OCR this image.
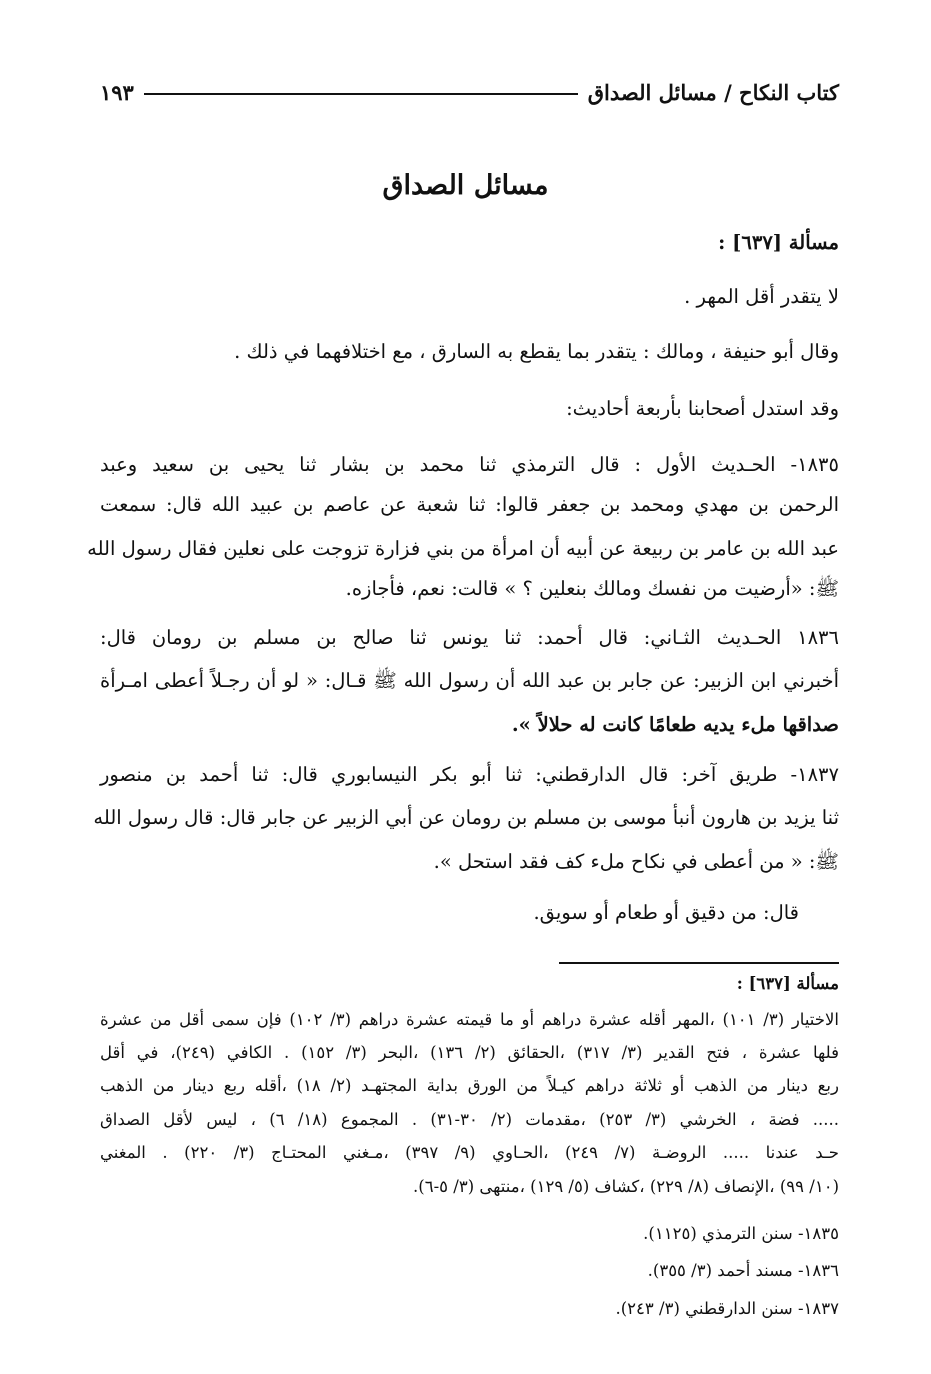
كتاب النكاح / مسائل الصداق
١٩٣
مسائل الصداق
مسألة [٦٣٧] :
لا يتقدر أقل المهر .
وقال أبو حنيفة ، ومالك : يتقدر بما يقطع به السارق ، مع اختلافهما في ذلك .
وقد استدل أصحابنا بأربعة أحاديث:
١٨٣٥- الحـديث الأول : قال الترمذي ثنا محمد بن بشار ثنا يحيى بن سعيد وعبد
الرحمن بن مهدي ومحمد بن جعفر قالوا: ثنا شعبة عن عاصم بن عبيد الله قال: سمعت
عبد الله بن عامر بن ربيعة عن أبيه أن امرأة من بني فزارة تزوجت على نعلين فقال رسول الله
ﷺ: «أرضيت من نفسك ومالك بنعلين ؟ » قالت: نعم، فأجازه.
١٨٣٦ الحـديث الثـاني: قال أحمد: ثنا يونس ثنا صالح بن مسلم بن رومان قال:
أخبرني ابن الزبير: عن جابر بن عبد الله أن رسول الله ﷺ قـال: « لو أن رجـلاً أعطى امـرأة
صداقها ملء يديه طعامًا كانت له حلالاً ».
١٨٣٧- طريق آخر: قال الدارقطني: ثنا أبو بكر النيسابوري قال: ثنا أحمد بن منصور
ثنا يزيد بن هارون أنبأ موسى بن مسلم بن رومان عن أبي الزبير عن جابر قال: قال رسول الله
ﷺ: « من أعطى في نكاح ملء كف فقد استحل ».
قال: من دقيق أو طعام أو سويق.
مسألة [٦٣٧] :
الاختيار (٣/ ١٠١) ،المهر أقله عشرة دراهم أو ما قيمته عشرة دراهم (٣/ ١٠٢) فإن سمى أقل من عشرة
فلها عشرة ، فتح القدير (٣/ ٣١٧) ،الحقائق (٢/ ١٣٦) ،البحر (٣/ ١٥٢) . الكافي (٢٤٩)، في أقل
ربع دينار من الذهب أو ثلاثة دراهم كيـلاً من الورق بداية المجتهـد (٢/ ١٨) ،أقله ربع دينار من الذهب
..... فضة ، الخرشي (٣/ ٢٥٣) ،مقدمات (٢/ ٣٠-٣١) . المجموع (١٨/ ٦) ، ليس لأقل الصداق
حـد عندنا ..... الروضـة (٧/ ٢٤٩) ،الحـاوي (٩/ ٣٩٧) ،مـغني المحتـاج (٣/ ٢٢٠) . المغني
(١٠/ ٩٩) ،الإنصاف (٨/ ٢٢٩) ،كشاف (٥/ ١٢٩) ،منتهى (٣/ ٥-٦).
١٨٣٥- سنن الترمذي (١١٢٥).
١٨٣٦- مسند أحمد (٣/ ٣٥٥).
١٨٣٧- سنن الدارقطني (٣/ ٢٤٣).
